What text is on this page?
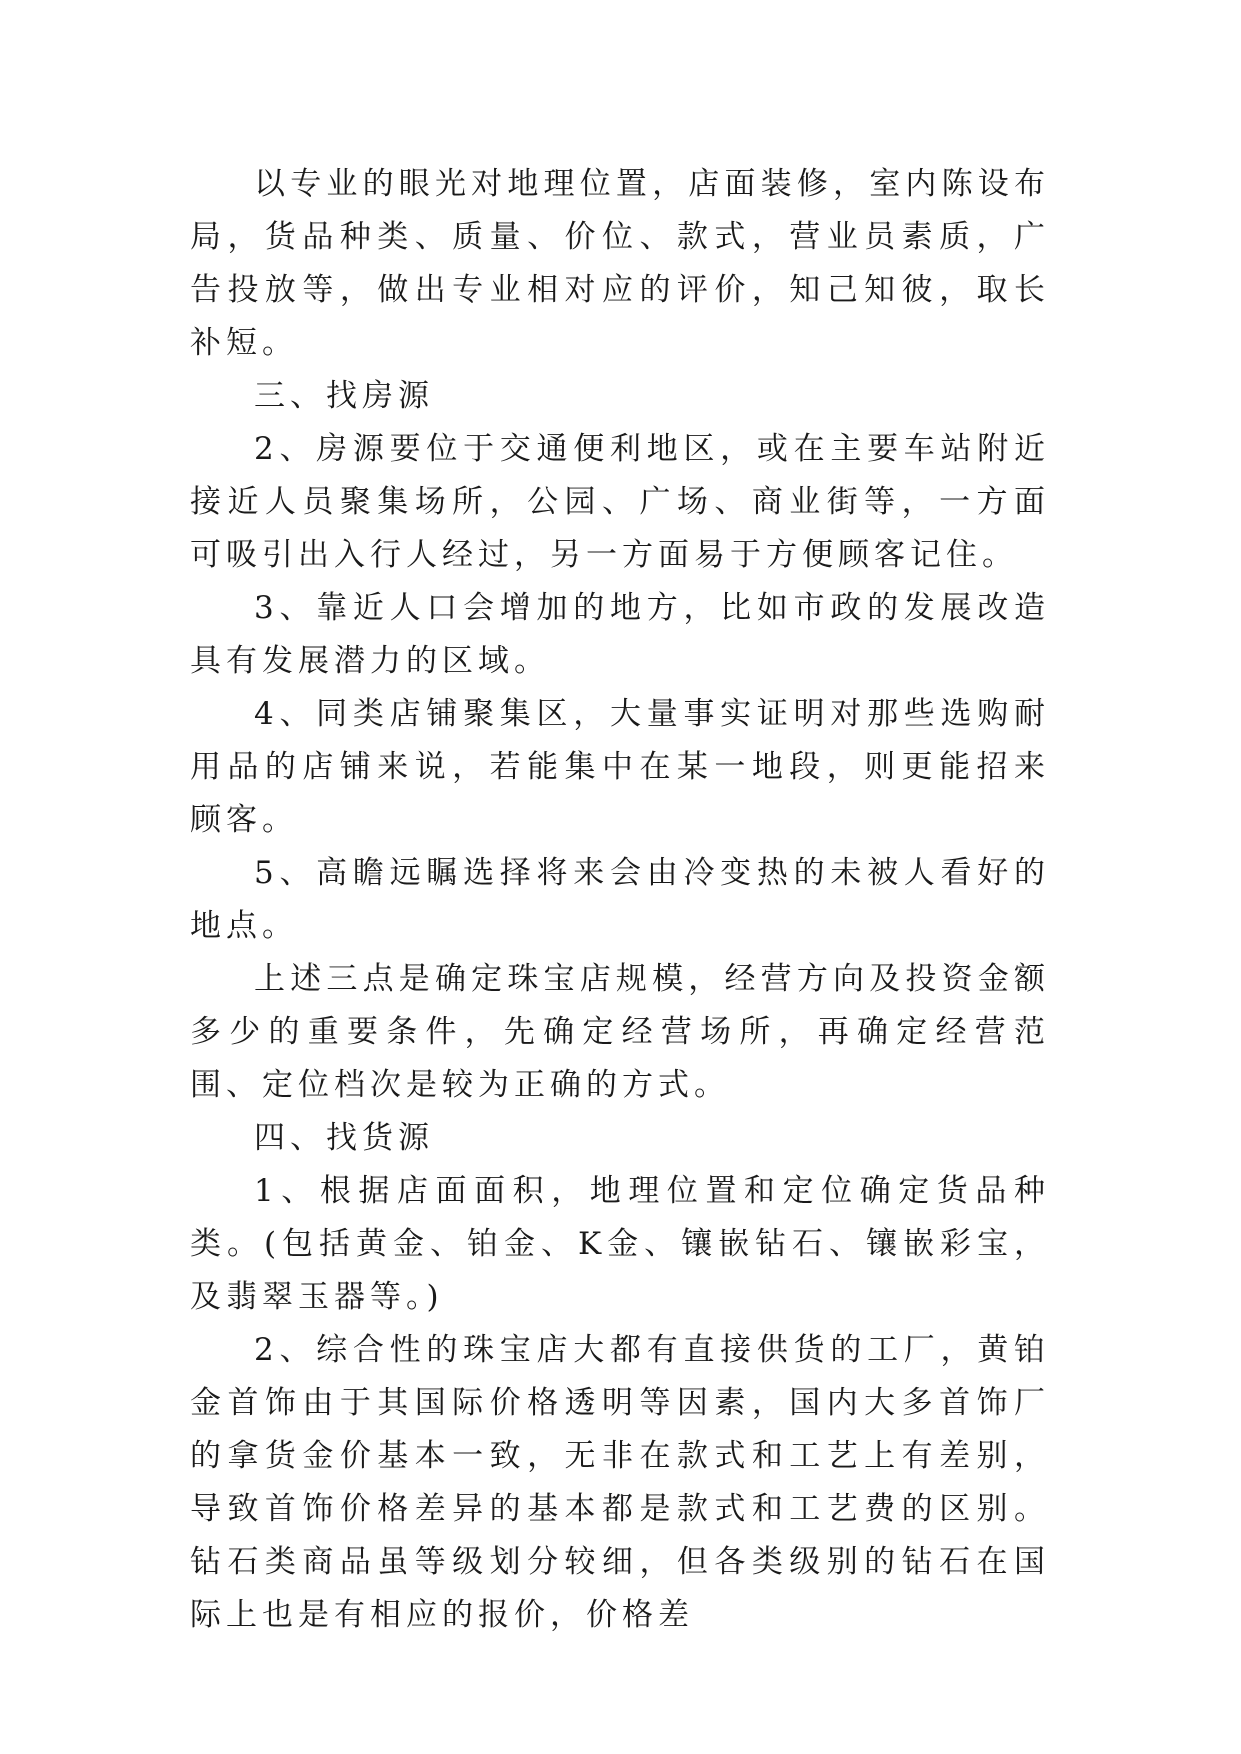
以专业的眼光对地理位置，店面装修，室内陈设布局，货品种类、质量、价位、款式，营业员素质，广告投放等，做出专业相对应的评价，知己知彼，取长补短。

三、找房源

2、房源要位于交通便利地区，或在主要车站附近接近人员聚集场所，公园、广场、商业街等，一方面可吸引出入行人经过，另一方面易于方便顾客记住。

3、靠近人口会增加的地方，比如市政的发展改造具有发展潜力的区域。

4、同类店铺聚集区，大量事实证明对那些选购耐用品的店铺来说，若能集中在某一地段，则更能招来顾客。

5、高瞻远瞩选择将来会由冷变热的未被人看好的地点。

上述三点是确定珠宝店规模，经营方向及投资金额多少的重要条件，先确定经营场所，再确定经营范围、定位档次是较为正确的方式。

四、找货源

1、根据店面面积，地理位置和定位确定货品种类。(包括黄金、铂金、K金、镶嵌钻石、镶嵌彩宝，及翡翠玉器等。)

2、综合性的珠宝店大都有直接供货的工厂，黄铂金首饰由于其国际价格透明等因素，国内大多首饰厂的拿货金价基本一致，无非在款式和工艺上有差别，导致首饰价格差异的基本都是款式和工艺费的区别。钻石类商品虽等级划分较细，但各类级别的钻石在国际上也是有相应的报价，价格差
